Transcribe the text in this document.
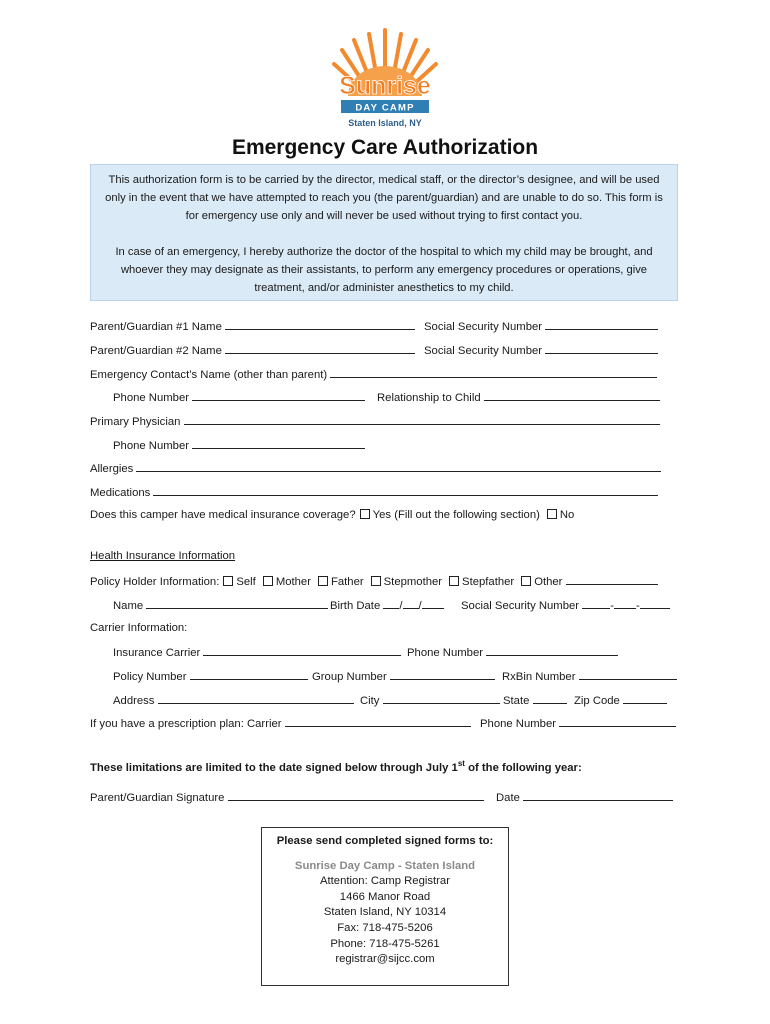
Sunrise
DAY CAMP
Staten Island, NY
Emergency Care Authorization

This authorization form is to be carried by the director, medical staff, or the director’s designee, and will be used only in the event that we have attempted to reach you (the parent/guardian) and are unable to do so. This form is for emergency use only and will never be used without trying to first contact you.

In case of an emergency, I hereby authorize the doctor of the hospital to which my child may be brought, and whoever they may designate as their assistants, to perform any emergency procedures or operations, give treatment, and/or administer anesthetics to my child.

Parent/Guardian #1 Name	Social Security Number
Parent/Guardian #2 Name	Social Security Number
Emergency Contact’s Name (other than parent)
Phone Number	Relationship to Child
Primary Physician
Phone Number
Allergies
Medications
Does this camper have medical insurance coverage? Yes (Fill out the following section) No
Health Insurance Information
Policy Holder Information: Self Mother Father Stepmother Stepfather Other
Name	Birth Date / /	Social Security Number	- -
Carrier Information:
Insurance Carrier	Phone Number
Policy Number	Group Number	RxBin Number
Address	City	State	Zip Code
If you have a prescription plan: Carrier	Phone Number
These limitations are limited to the date signed below through July 1st of the following year:
Parent/Guardian Signature	Date
Please send completed signed forms to:
Sunrise Day Camp - Staten Island
Attention: Camp Registrar
1466 Manor Road
Staten Island, NY 10314
Fax: 718-475-5206
Phone: 718-475-5261
registrar@sijcc.com
